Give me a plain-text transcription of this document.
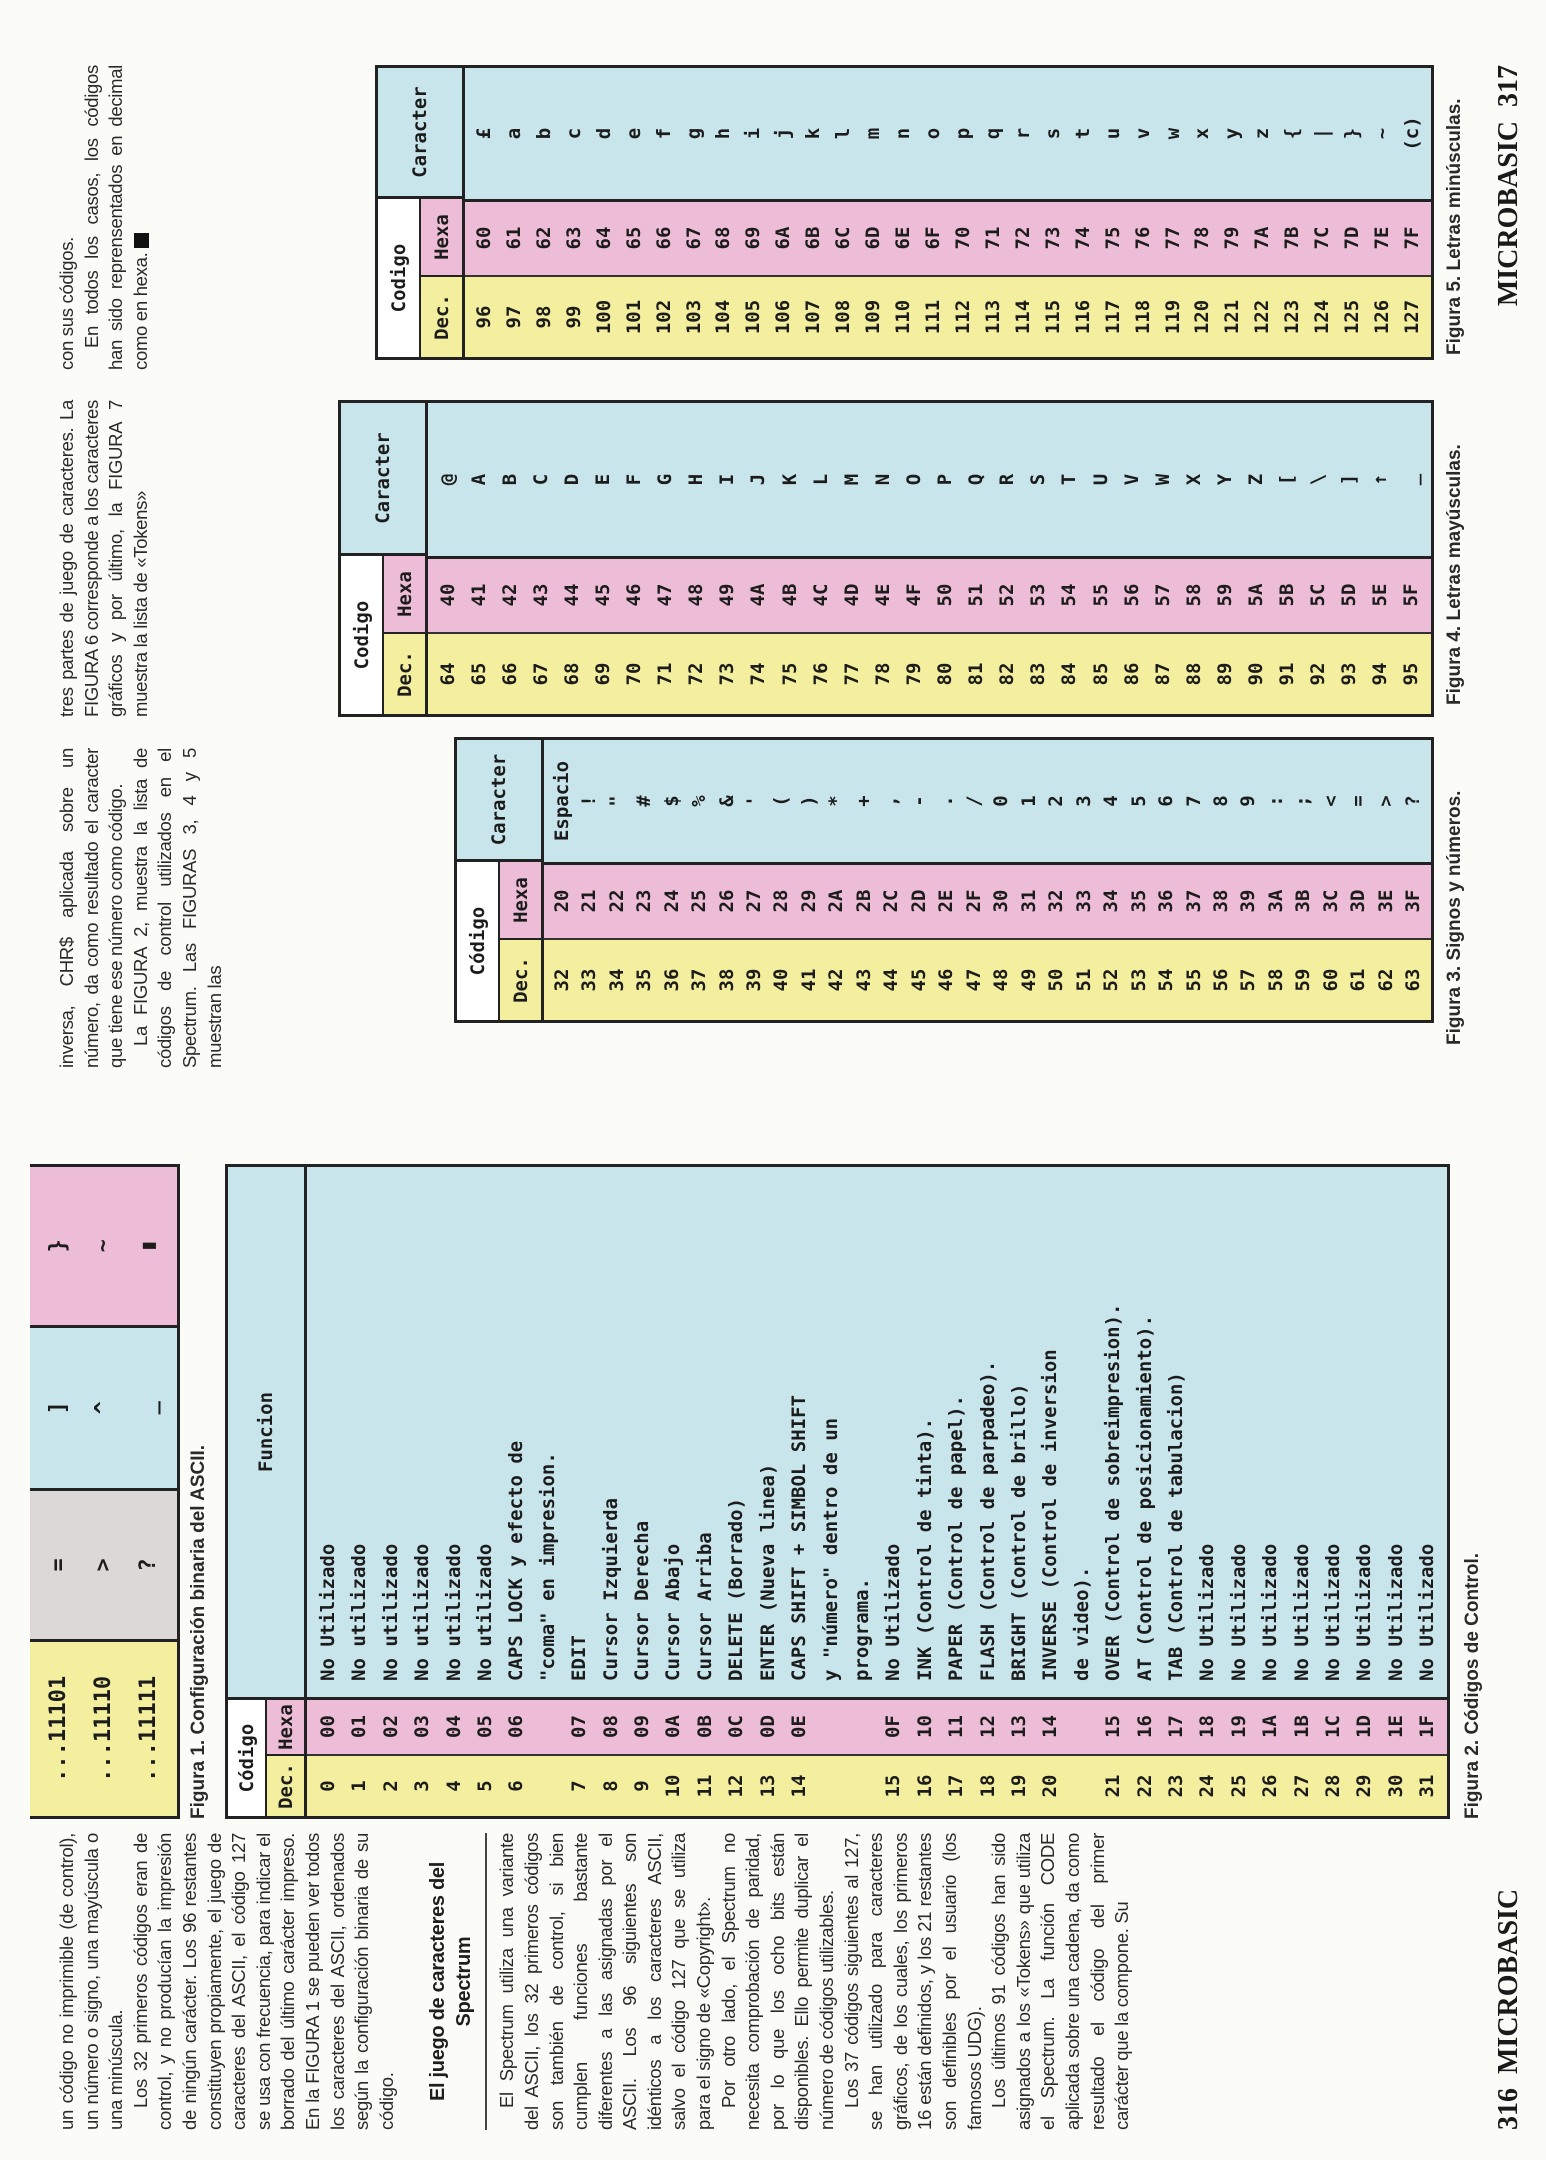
un código no imprimible (de control), un número o signo, una mayúscula o una minúscula. Los 32 primeros códigos eran de control, y no producían la impresión de ningún carácter. Los 96 restantes constituyen propiamente, el juego de caracteres del ASCII, el código 127 se usa con frecuencia, para indicar el borrado del último carácter impreso. En la FIGURA 1 se pueden ver todos los caracteres del ASCII, ordenados según la configuración binaria de su código.

El juego de caracteres del Spectrum	El Spectrum utiliza una variante del ASCII, los 32 primeros códigos son también de control, si bien cumplen funciones bastante diferentes a las asignadas por el ASCII. Los 96 siguientes son idénticos a los caracteres ASCII, salvo el código 127 que se utiliza para el signo de «Copyright». Por otro lado, el Spectrum no necesita comprobación de paridad, por lo que los ocho bits están disponibles. Ello permite duplicar el número de códigos utilizables. Los 37 códigos siguientes al 127, se han utilizado para caracteres gráficos, de los cuales, los primeros 16 están definidos, y los 21 restantes son definibles por el usuario (los famosos UDG). Los últimos 91 códigos han sido asignados a los «Tokens» que utiliza el Spectrum. La función CODE aplicada sobre una cadena, da como resultado el código del primer carácter que la compone. Su

...11101 ...11110 ...11111
= > ?
] ^ _
} ~ ▮
Figura 1. Configuración binaria del ASCII.	Código Dec.
Hexa
Funcion
0
00
No Utilizado
1
01
No utilizado
2
02
No utilizado
3
03
No utilizado
4
04
No utilizado
5
05
No utilizado
6
06
CAPS LOCK y efecto de "coma" en impresion.
7
07
EDIT
8
08
Cursor Izquierda
9
09
Cursor Derecha
10
0A
Cursor Abajo
11
0B
Cursor Arriba
12
0C
DELETE (Borrado)
13
0D
ENTER (Nueva linea)
14
0E
CAPS SHIFT + SIMBOL SHIFT y "número" dentro de un programa.
15
0F
No Utilizado
16
10
INK (Control de tinta).
17
11
PAPER (Control de papel).
18
12
FLASH (Control de parpadeo).
19
13
BRIGHT (Control de brillo)
20
14
INVERSE (Control de inversion de video).
21
15
OVER (Control de sobreimpresion).
22
16
AT (Control de posicionamiento).
23
17
TAB (Control de tabulacion)
24
18
No Utilizado
25
19
No Utilizado
26
1A
No Utilizado
27
1B
No Utilizado
28
1C
No Utilizado
29
1D
No Utilizado
30
1E
No Utilizado
31
1F
No Utilizado Figura 2. Códigos de Control.
316  MICROBASIC

inversa, CHR$ aplicada sobre un número, da como resultado el caracter que tiene ese número como código. La FIGURA 2, muestra la lista de códigos de control utilizados en el Spectrum. Las FIGURAS 3, 4 y 5 muestran las

tres partes de juego de caracteres. La FIGURA 6 corresponde a los caracteres gráficos y por último, la FIGURA 7 muestra la lista de «Tokens»

con sus códigos. En todos los casos, los códigos han sido reprensentados en decimal como en hexa.

Código
Dec.
Hexa
Caracter
32
20
Espacio
33
21
!
34
22
"
35
23
#
36
24
$
37
25
%
38
26
&
39
27
'
40
28
(
41
29
)
42
2A
*
43
2B
+
44
2C
,
45
2D
-
46
2E
.
47
2F
/
48
30
0
49
31
1
50
32
2
51
33
3
52
34
4
53
35
5
54
36
6
55
37
7
56
38
8
57
39
9
58
3A
:
59
3B
;
60
3C
<
61
3D
=
62
3E
>
63
3F
? Figura 3. Signos y números.
Codigo
Dec.
Hexa
Caracter
64
40
@
65
41
A
66
42
B
67
43
C
68
44
D
69
45
E
70
46
F
71
47
G
72
48
H
73
49
I
74
4A
J
75
4B
K
76
4C
L
77
4D
M
78
4E
N
79
4F
O
80
50
P
81
51
Q
82
52
R
83
53
S
84
54
T
85
55
U
86
56
V
87
57
W
88
58
X
89
59
Y
90
5A
Z
91
5B
[
92
5C
\
93
5D
]
94
5E
↑
95
5F
_ Figura 4. Letras mayúsculas.
Codigo
Dec.
Hexa
Caracter
96
60
£
97
61
a
98
62
b
99
63
c
100
64
d
101
65
e
102
66
f
103
67
g
104
68
h
105
69
i
106
6A
j
107
6B
k
108
6C
l
109
6D
m
110
6E
n
111
6F
o
112
70
p
113
71
q
114
72
r
115
73
s
116
74
t
117
75
u
118
76
v
119
77
w
120
78
x
121
79
y
122
7A
z
123
7B
{
124
7C
|
125
7D
}
126
7E
~
127
7F
(c) Figura 5. Letras minúsculas. MICROBASIC  317
